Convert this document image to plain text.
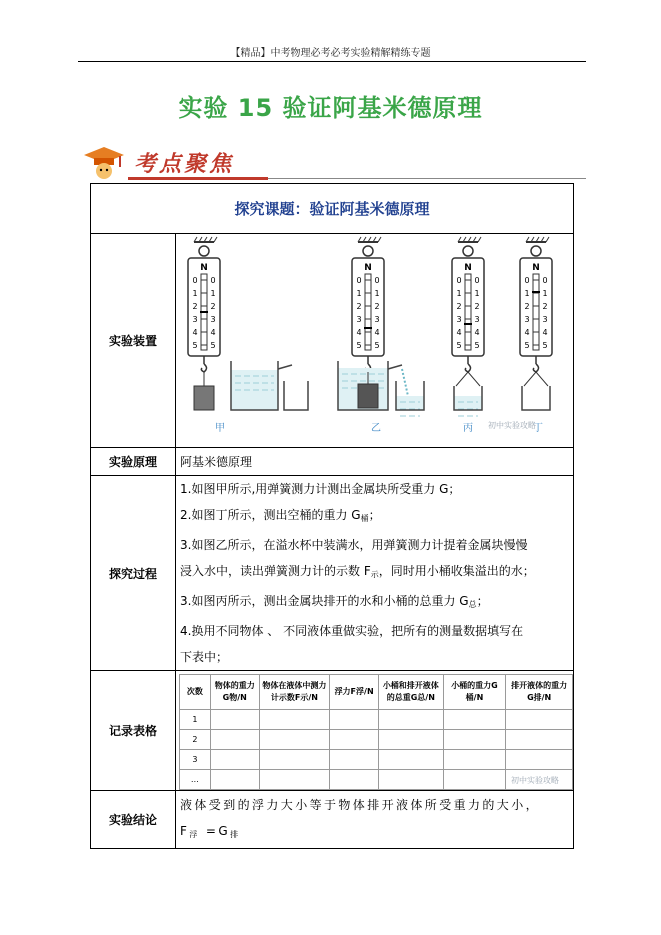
【精品】中考物理必考必考实验精解精练专题
实验 15 验证阿基米德原理
考点聚焦
探究课题：验证阿基米德原理
实验装置	
N
0 0
1 1
2 2
3 3
4 4
5 5
N
0 0
1 1
2 2
3 3
4 4
5 5
N
0 0
1 1
2 2
3 3
4 4
5 5
N
0 0
1 1
2 2
3 3
4 4
5 5
甲	乙	丙	丁
初中实验攻略

实验原理	阿基米德原理
探究过程	

1.如图甲所示,用弹簧测力计测出金属块所受重力 G；

2.如图丁所示，测出空桶的重力 $G_桶$；

3.如图乙所示，在溢水杯中装满水，用弹簧测力计提着金属块慢慢

浸入水中，读出弹簧测力计的示数 $F_示$，同时用小桶收集溢出的水；

3.如图丙所示，测出金属块排开的水和小桶的总重力 $G_总$；

4.换用不同物体 、 不同液体重做实验，把所有的测量数据填写在

下表中；

记录表格	
次数	物体的重力G物/N	物体在液体中测力计示数F示/N	浮力F浮/N	小桶和排开液体的总重G总/N	小桶的重力G桶/N	排开液体的重力G排/N
1						
2						
3						
…							初中实验攻略

实验结论	
液体受到的浮力大小等于物体排开液体所受重力的大小，
$F_浮 =G_排$
